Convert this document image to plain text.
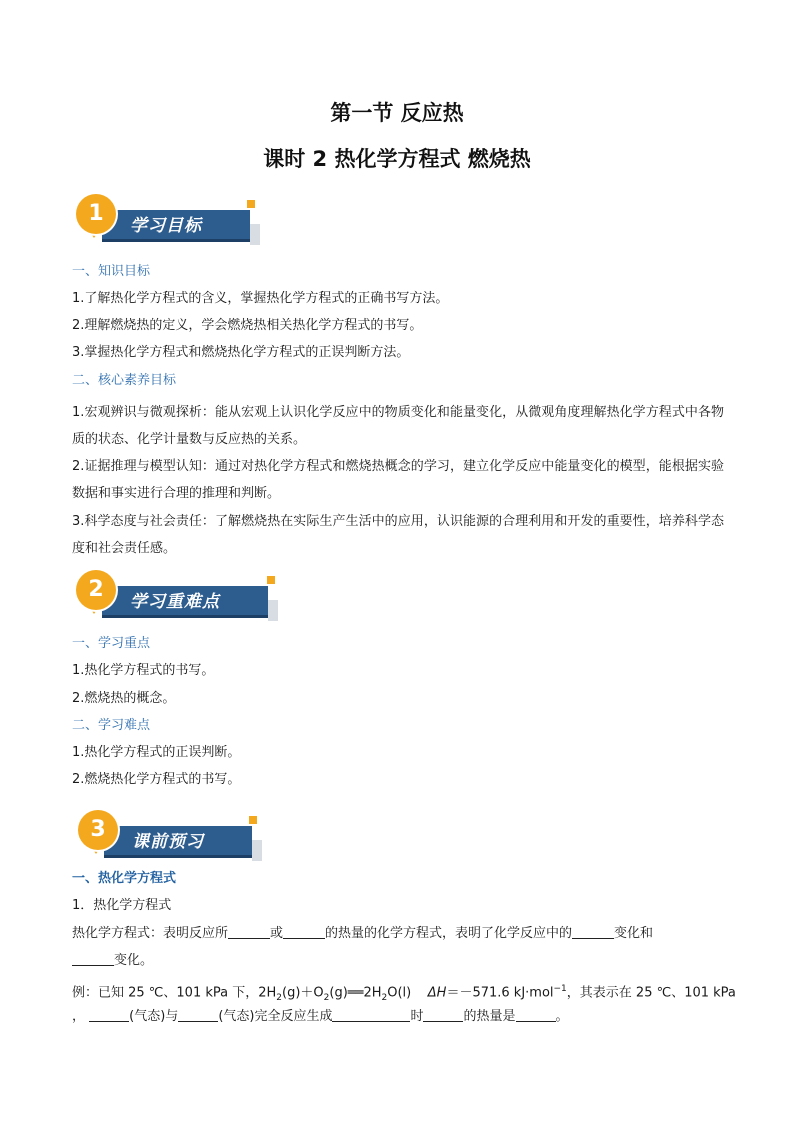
第一节 反应热
课时 2 热化学方程式 燃烧热
学习目标
1
一、知识目标
1.了解热化学方程式的含义，掌握热化学方程式的正确书写方法。
2.理解燃烧热的定义，学会燃烧热相关热化学方程式的书写。
3.掌握热化学方程式和燃烧热化学方程式的正误判断方法。
二、核心素养目标
1.宏观辨识与微观探析：能从宏观上认识化学反应中的物质变化和能量变化，从微观角度理解热化学方程式中各物质的状态、化学计量数与反应热的关系。
2.证据推理与模型认知：通过对热化学方程式和燃烧热概念的学习，建立化学反应中能量变化的模型，能根据实验数据和事实进行合理的推理和判断。
3.科学态度与社会责任：了解燃烧热在实际生产生活中的应用，认识能源的合理利用和开发的重要性，培养科学态度和社会责任感。
学习重难点
2
一、学习重点
1.热化学方程式的书写。
2.燃烧热的概念。
二、学习难点
1.热化学方程式的正误判断。
2.燃烧热化学方程式的书写。
课前预习
3
一、热化学方程式
1．热化学方程式
热化学方程式：表明反应所	或	的热量的化学方程式，表明了化学反应中的	变化和
变化。
例：已知 25 ℃、101 kPa 下，$2H_2(g)+O_2(g)══2H_2O(l)$ ΔH＝－571.6 kJ·mol$^{-1}$，其表示在 25 ℃、101 kPa
，	(气态)与	(气态)完全反应生成	时	的热量是	。
